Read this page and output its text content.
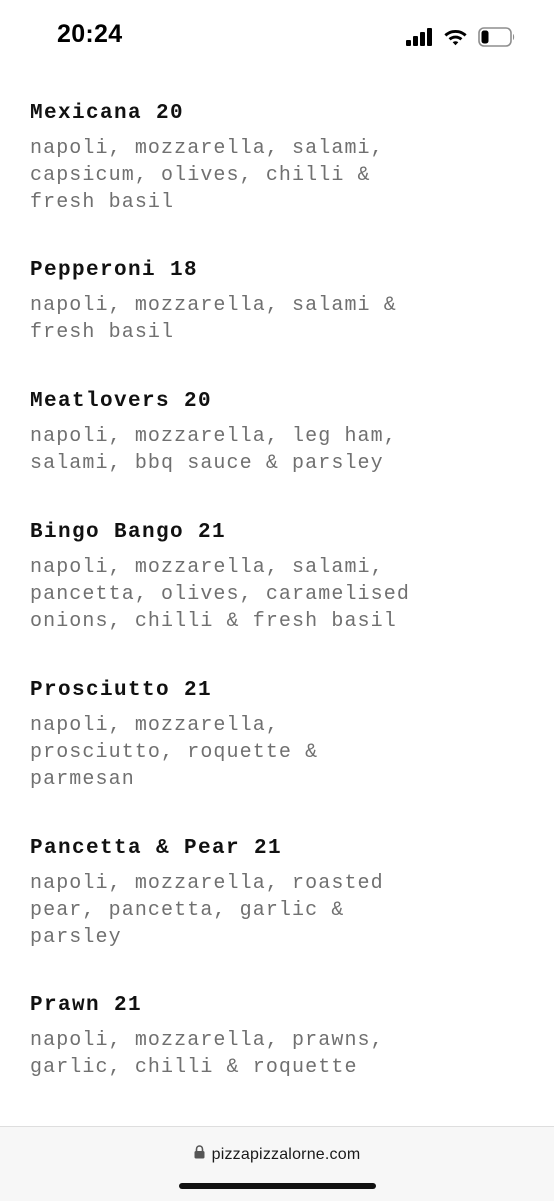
20:24
Mexicana 20
napoli, mozzarella, salami,
capsicum, olives, chilli &
fresh basil
Pepperoni 18
napoli, mozzarella, salami &
fresh basil
Meatlovers 20
napoli, mozzarella, leg ham,
salami, bbq sauce & parsley
Bingo Bango 21
napoli, mozzarella, salami,
pancetta, olives, caramelised
onions, chilli & fresh basil
Prosciutto 21
napoli, mozzarella,
prosciutto, roquette &
parmesan
Pancetta & Pear 21
napoli, mozzarella, roasted
pear, pancetta, garlic &
parsley
Prawn 21
napoli, mozzarella, prawns,
garlic, chilli & roquette
pizzapizzalorne.com
